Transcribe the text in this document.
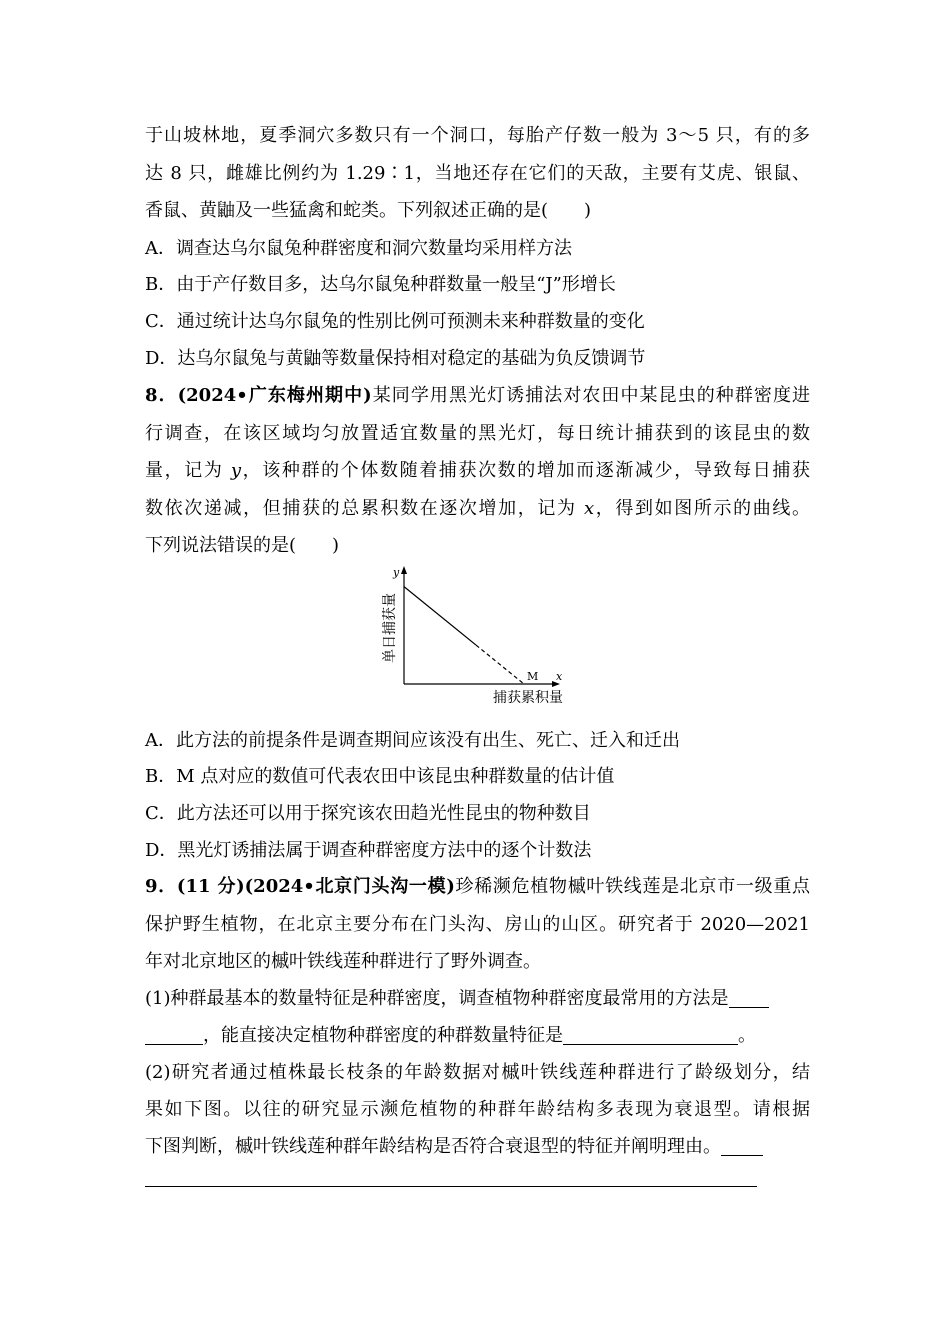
于山坡林地，夏季洞穴多数只有一个洞口，每胎产仔数一般为 3～5 只，有的多
达 8 只，雌雄比例约为 1.29∶1，当地还存在它们的天敌，主要有艾虎、银鼠、
香鼠、黄鼬及一些猛禽和蛇类。下列叙述正确的是(　　)
A．调查达乌尔鼠兔种群密度和洞穴数量均采用样方法
B．由于产仔数目多，达乌尔鼠兔种群数量一般呈“J”形增长
C．通过统计达乌尔鼠兔的性别比例可预测未来种群数量的变化
D．达乌尔鼠兔与黄鼬等数量保持相对稳定的基础为负反馈调节
8．(2024•广东梅州期中)某同学用黑光灯诱捕法对农田中某昆虫的种群密度进
行调查，在该区域均匀放置适宜数量的黑光灯，每日统计捕获到的该昆虫的数
量，记为 y，该种群的个体数随着捕获次数的增加而逐渐减少，导致每日捕获
数依次递减，但捕获的总累积数在逐次增加，记为 x，得到如图所示的曲线。
下列说法错误的是(　　)
y
x
M
单日捕获量
捕获累积量
A．此方法的前提条件是调查期间应该没有出生、死亡、迁入和迁出
B．M 点对应的数值可代表农田中该昆虫种群数量的估计值
C．此方法还可以用于探究该农田趋光性昆虫的物种数目
D．黑光灯诱捕法属于调查种群密度方法中的逐个计数法
9．(11 分)(2024•北京门头沟一模)珍稀濒危植物槭叶铁线莲是北京市一级重点
保护野生植物，在北京主要分布在门头沟、房山的山区。研究者于 2020—2021
年对北京地区的槭叶铁线莲种群进行了野外调查。
(1)种群最基本的数量特征是种群密度，调查植物种群密度最常用的方法是
，能直接决定植物种群密度的种群数量特征是	。
(2)研究者通过植株最长枝条的年龄数据对槭叶铁线莲种群进行了龄级划分，结
果如下图。以往的研究显示濒危植物的种群年龄结构多表现为衰退型。请根据
下图判断，槭叶铁线莲种群年龄结构是否符合衰退型的特征并阐明理由。
